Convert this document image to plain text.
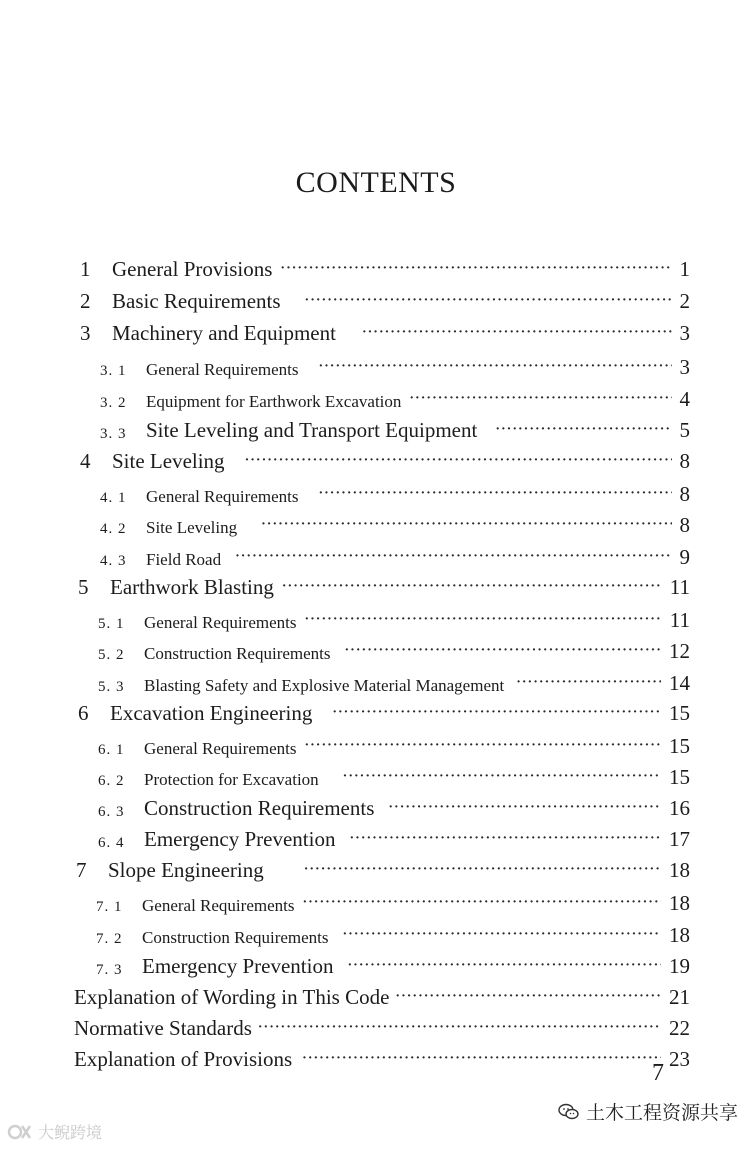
CONTENTS
1	General Provisions ·····	1
2	Basic Requirements ·····	2
3	Machinery and Equipment ·····	3
3. 1	General Requirements ·····	3
3. 2	Equipment for Earthwork Excavation ·····	4
3. 3 Site Leveling and Transport Equipment ·····	5
4	Site Leveling ·····	8
4. 1	General Requirements ·····	8
4. 2	Site Leveling ·····	8
4. 3	Field Road ·····	9
5	Earthwork Blasting ·····	11
5. 1	General Requirements ·····	11
5. 2	Construction Requirements ·····	12
5. 3	Blasting Safety and Explosive Material Management ·····	14
6	Excavation Engineering ·····	15
6. 1	General Requirements ·····	15
6. 2	Protection for Excavation ·····	15
6. 3 Construction Requirements ·····	16
6. 4 Emergency Prevention ·····	17
7	Slope Engineering ·····	18
7. 1	General Requirements ·····	18
7. 2	Construction Requirements ·····	18
7. 3 Emergency Prevention ·····	19
Explanation of Wording in This Code ·····	21
Normative Standards ·····	22
Explanation of Provisions ·····	23
7
土木工程资源共享
大鲵跨境
